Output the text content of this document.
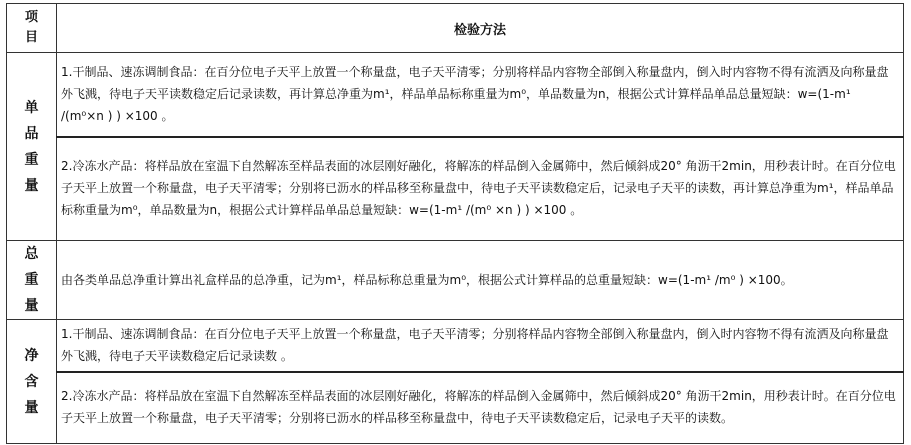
项
目	检验方法

单
品
重
量	1.干制品、速冻调制食品：在百分位电子天平上放置一个称量盘，电子天平清零；分别将样品内容物全部倒入称量盘内，倒入时内容物不得有流洒及向称量盘外飞溅，待电子天平读数稳定后记录读数，再计算总净重为m¹，样品单品标称重量为m⁰，单品数量为n，根据公式计算样品单品总量短缺：w=(1-m¹ /(m⁰×n ) ) ×100 。
	2.冷冻水产品：将样品放在室温下自然解冻至样品表面的冰层刚好融化，将解冻的样品倒入金属筛中，然后倾斜成20° 角沥干2min，用秒表计时。在百分位电子天平上放置一个称量盘，电子天平清零；分别将已沥水的样品移至称量盘中，待电子天平读数稳定后，记录电子天平的读数，再计算总净重为m¹，样品单品标称重量为m⁰，单品数量为n，根据公式计算样品单品总量短缺：w=(1-m¹ /(m⁰ ×n ) ) ×100 。

总
重
量	由各类单品总净重计算出礼盒样品的总净重，记为m¹，样品标称总重量为m⁰，根据公式计算样品的总重量短缺：w=(1-m¹ /m⁰ ) ×100。

净
含
量	1.干制品、速冻调制食品：在百分位电子天平上放置一个称量盘，电子天平清零；分别将样品内容物全部倒入称量盘内，倒入时内容物不得有流洒及向称量盘外飞溅，待电子天平读数稳定后记录读数 。
	2.冷冻水产品：将样品放在室温下自然解冻至样品表面的冰层刚好融化，将解冻的样品倒入金属筛中，然后倾斜成20° 角沥干2min，用秒表计时。在百分位电子天平上放置一个称量盘，电子天平清零；分别将已沥水的样品移至称量盘中，待电子天平读数稳定后，记录电子天平的读数。
